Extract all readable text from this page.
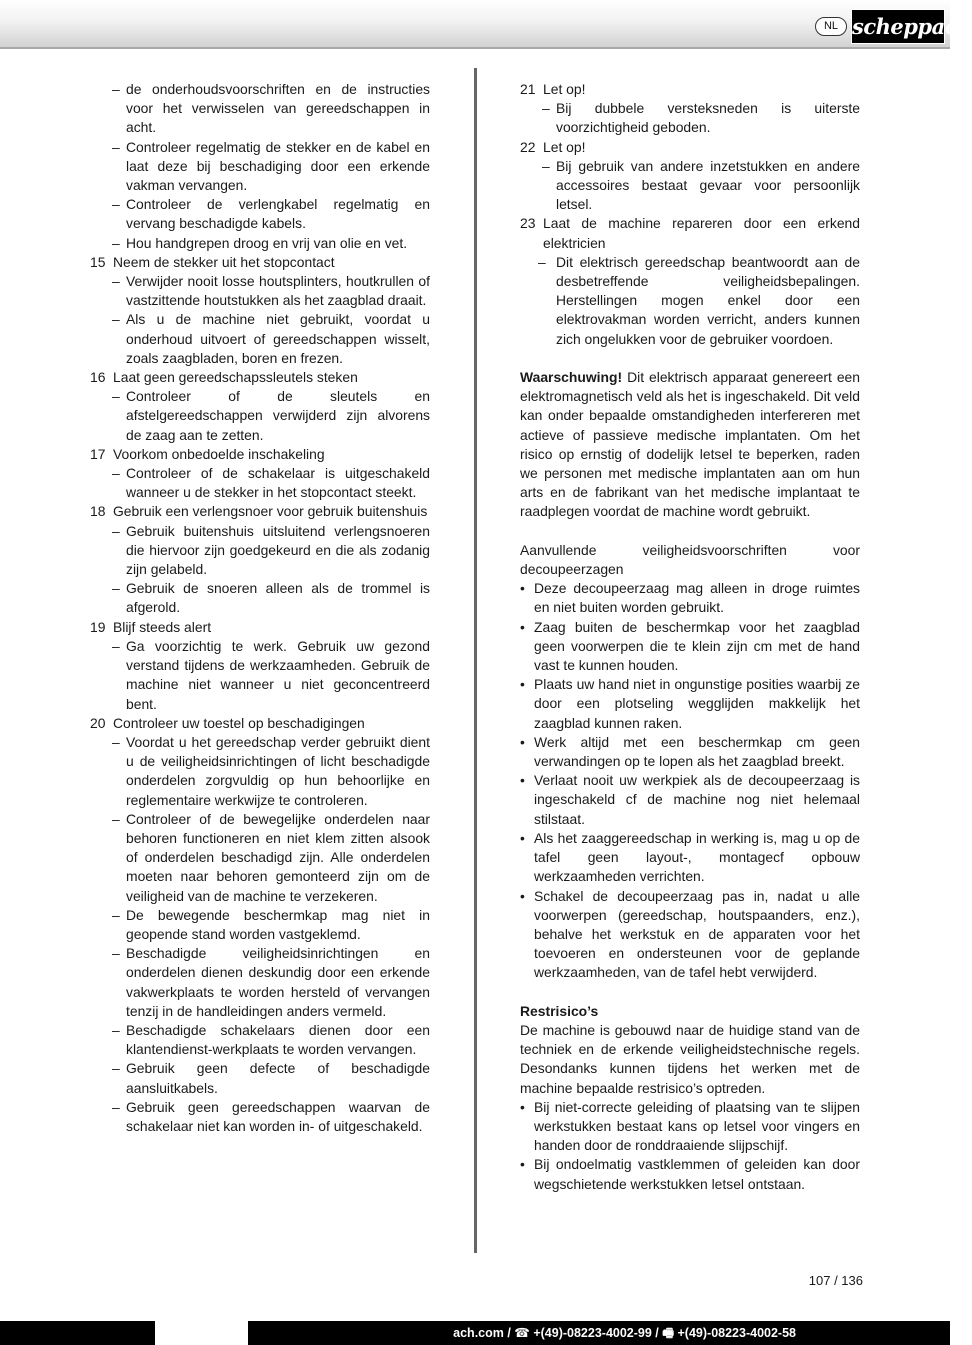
NL scheppach
– de onderhoudsvoorschriften en de instructies voor het verwisselen van gereedschappen in acht.
– Controleer regelmatig de stekker en de kabel en laat deze bij beschadiging door een erkende vakman vervangen.
– Controleer de verlengkabel regelmatig en vervang beschadigde kabels.
– Hou handgrepen droog en vrij van olie en vet.
15 Neem de stekker uit het stopcontact
– Verwijder nooit losse houtsplinters, houtkrullen of vastzittende houtstukken als het zaagblad draait.
– Als u de machine niet gebruikt, voordat u onderhoud uitvoert of gereedschappen wisselt, zoals zaagbladen, boren en frezen.
16 Laat geen gereedschapssleutels steken
– Controleer of de sleutels en afstelgereedschappen verwijderd zijn alvorens de zaag aan te zetten.
17 Voorkom onbedoelde inschakeling
– Controleer of de schakelaar is uitgeschakeld wanneer u de stekker in het stopcontact steekt.
18 Gebruik een verlengsnoer voor gebruik buitenshuis
– Gebruik buitenshuis uitsluitend verlengsnoeren die hiervoor zijn goedgekeurd en die als zodanig zijn gelabeld.
– Gebruik de snoeren alleen als de trommel is afgerold.
19 Blijf steeds alert
– Ga voorzichtig te werk. Gebruik uw gezond verstand tijdens de werkzaamheden. Gebruik de machine niet wanneer u niet geconcentreerd bent.
20 Controleer uw toestel op beschadigingen
– Voordat u het gereedschap verder gebruikt dient u de veiligheidsinrichtingen of licht beschadigde onderdelen zorgvuldig op hun behoorlijke en reglementaire werkwijze te controleren.
– Controleer of de bewegelijke onderdelen naar behoren functioneren en niet klem zitten alsook of onderdelen beschadigd zijn. Alle onderdelen moeten naar behoren gemonteerd zijn om de veiligheid van de machine te verzekeren.
– De bewegende beschermkap mag niet in geopende stand worden vastgeklemd.
– Beschadigde veiligheidsinrichtingen en onderdelen dienen deskundig door een erkende vakwerkplaats te worden hersteld of vervangen tenzij in de handleidingen anders vermeld.
– Beschadigde schakelaars dienen door een klantendienst-werkplaats te worden vervangen.
– Gebruik geen defecte of beschadigde aansluitkabels.
– Gebruik geen gereedschappen waarvan de schakelaar niet kan worden in- of uitgeschakeld.
21 Let op!
– Bij dubbele versteksneden is uiterste voorzichtigheid geboden.
22 Let op!
– Bij gebruik van andere inzetstukken en andere accessoires bestaat gevaar voor persoonlijk letsel.
23 Laat de machine repareren door een erkend elektricien
– Dit elektrisch gereedschap beantwoordt aan de desbetreffende veiligheidsbepalingen. Herstellingen mogen enkel door een elektrovakman worden verricht, anders kunnen zich ongelukken voor de gebruiker voordoen.
Waarschuwing! Dit elektrisch apparaat genereert een elektromagnetisch veld als het is ingeschakeld. Dit veld kan onder bepaalde omstandigheden interfereren met actieve of passieve medische implantaten. Om het risico op ernstig of dodelijk letsel te beperken, raden we personen met medische implantaten aan om hun arts en de fabrikant van het medische implantaat te raadplegen voordat de machine wordt gebruikt.
Aanvullende veiligheidsvoorschriften voor decoupeerzagen
• Deze decoupeerzaag mag alleen in droge ruimtes en niet buiten worden gebruikt.
• Zaag buiten de beschermkap voor het zaagblad geen voorwerpen die te klein zijn cm met de hand vast te kunnen houden.
• Plaats uw hand niet in ongunstige posities waarbij ze door een plotseling wegglijden makkelijk het zaagblad kunnen raken.
• Werk altijd met een beschermkap cm geen verwandingen op te lopen als het zaagblad breekt.
• Verlaat nooit uw werkpiek als de decoupeerzaag is ingeschakeld cf de machine nog niet helemaal stilstaat.
• Als het zaaggereedschap in werking is, mag u op de tafel geen layout-, montagecf opbouw werkzaamheden verrichten.
• Schakel de decoupeerzaag pas in, nadat u alle voorwerpen (gereedschap, houtspaanders, enz.), behalve het werkstuk en de apparaten voor het toevoeren en ondersteunen voor de geplande werkzaamheden, van de tafel hebt verwijderd.
Restrisico’s
De machine is gebouwd naar de huidige stand van de techniek en de erkende veiligheidstechnische regels. Desondanks kunnen tijdens het werken met de machine bepaalde restrisico’s optreden.
• Bij niet-correcte geleiding of plaatsing van te slijpen werkstukken bestaat kans op letsel voor vingers en handen door de ronddraaiende slijpschijf.
• Bij ondoelmatig vastklemmen of geleiden kan door wegschietende werkstukken letsel ontstaan.
107 / 136
ach.com / ☎ +(49)-08223-4002-99 / 🖷 +(49)-08223-4002-58
